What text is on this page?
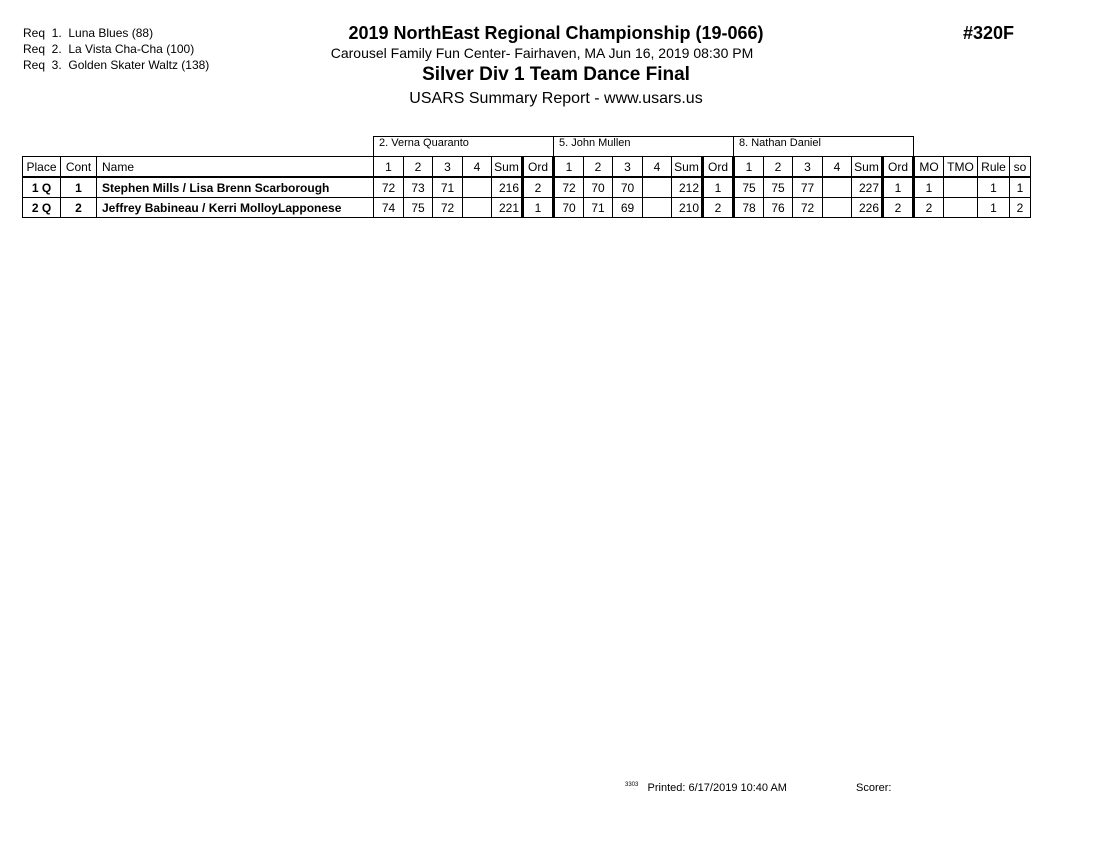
Req  1.  Luna Blues (88)
Req  2.  La Vista Cha-Cha (100)
Req  3.  Golden Skater Waltz (138)
2019 NorthEast Regional Championship (19-066)
Carousel Family Fun Center- Fairhaven, MA Jun 16, 2019 08:30 PM
Silver Div 1 Team Dance Final
USARS Summary Report - www.usars.us
#320F
			2. Verna Quaranto						5. John Mullen						8. Nathan Daniel									
Place	Cont	Name	1	2	3	4	Sum	Ord	1	2	3	4	Sum	Ord	1	2	3	4	Sum	Ord	MO	TMO	Rule	so
1 Q	1	Stephen Mills / Lisa Brenn Scarborough	72	73	71		216	2	72	70	70		212	1	75	75	77		227	1	1		1	1
2 Q	2	Jeffrey Babineau / Kerri MolloyLapponese	74	75	72		221	1	70	71	69		210	2	78	76	72		226	2	2		1	2
$^{3303}$ Printed: 6/17/2019 10:40 AM	Scorer:
